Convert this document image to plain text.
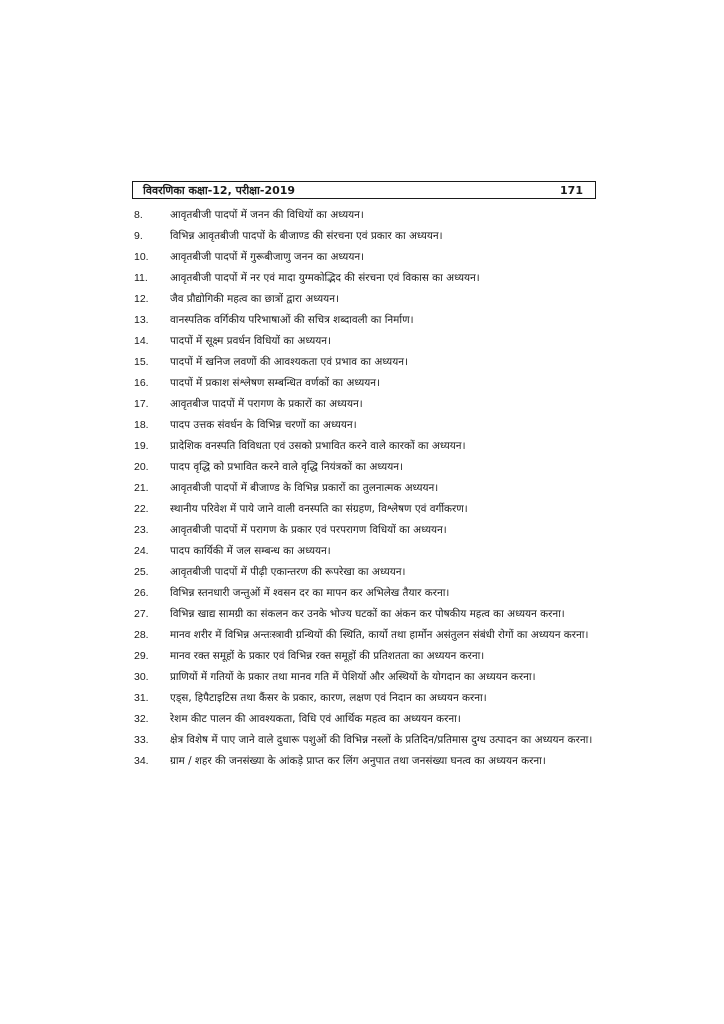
विवरणिका कक्षा-12, परीक्षा-2019	171
8.	आवृतबीजी पादपों में जनन की विधियों का अध्ययन।
9.	विभिन्न आवृतबीजी पादपों के बीजाण्ड की संरचना एवं प्रकार का अध्ययन।
10. आवृतबीजी पादपों में गुरूबीजाणु जनन का अध्ययन।
11. आवृतबीजी पादपों में नर एवं मादा युग्मकोद्भिद की संरचना एवं विकास का अध्ययन।
12. जैव प्रौद्योगिकी महत्व का छात्रों द्वारा अध्ययन।
13. वानस्पतिक वर्गिकीय परिभाषाओं की सचित्र शब्दावली का निर्माण।
14. पादपों में सूक्ष्म प्रवर्धन विधियों का अध्ययन।
15. पादपों में खनिज लवणों की आवश्यकता एवं प्रभाव का अध्ययन।
16. पादपों में प्रकाश संश्लेषण सम्बन्धित वर्णकों का अध्ययन।
17. आवृतबीज पादपों में परागण के प्रकारों का अध्ययन।
18. पादप उत्तक संवर्धन के विभिन्न चरणों का अध्ययन।
19. प्रादेशिक वनस्पति विविधता एवं उसको प्रभावित करने वाले कारकों का अध्ययन।
20. पादप वृद्धि को प्रभावित करने वाले वृद्धि नियंत्रकों का अध्ययन।
21. आवृतबीजी पादपों में बीजाण्ड के विभिन्न प्रकारों का तुलनात्मक अध्ययन।
22. स्थानीय परिवेश में पाये जाने वाली वनस्पति का संग्रहण, विश्लेषण एवं वर्गीकरण।
23. आवृतबीजी पादपों में परागण के प्रकार एवं परपरागण विधियों का अध्ययन।
24. पादप कार्यिकी में जल सम्बन्ध का अध्ययन।
25. आवृतबीजी पादपों में पीढ़ी एकान्तरण की रूपरेखा का अध्ययन।
26. विभिन्न स्तनधारी जन्तुओं में श्वसन दर का मापन कर अभिलेख तैयार करना।
27. विभिन्न खाद्य सामग्री का संकलन कर उनके भोज्य घटकों का अंकन कर पोषकीय महत्व का अध्ययन करना।
28. मानव शरीर में विभिन्न अन्तःस्त्रावी ग्रन्थियों की स्थिति, कार्यो तथा हार्मोन असंतुलन संबंधी रोगों का अध्ययन करना।
29. मानव रक्त समूहों के प्रकार एवं विभिन्न रक्त समूहों की प्रतिशतता का अध्ययन करना।
30. प्राणियों में गतियों के प्रकार तथा मानव गति में पेशियों और अस्थियों के योगदान का अध्ययन करना।
31. एड्स, हिपैटाइटिस तथा कैंसर के प्रकार, कारण, लक्षण एवं निदान का अध्ययन करना।
32. रेशम कीट पालन की आवश्यकता, विधि एवं आर्थिक महत्व का अध्ययन करना।
33. क्षेत्र विशेष में पाए जाने वाले दुधारू पशुओं की विभिन्न नस्लों के प्रतिदिन/प्रतिमास दुग्ध उत्पादन का अध्ययन करना।
34. ग्राम / शहर की जनसंख्या के आंकड़े प्राप्त कर लिंग अनुपात तथा जनसंख्या घनत्व का अध्ययन करना।
